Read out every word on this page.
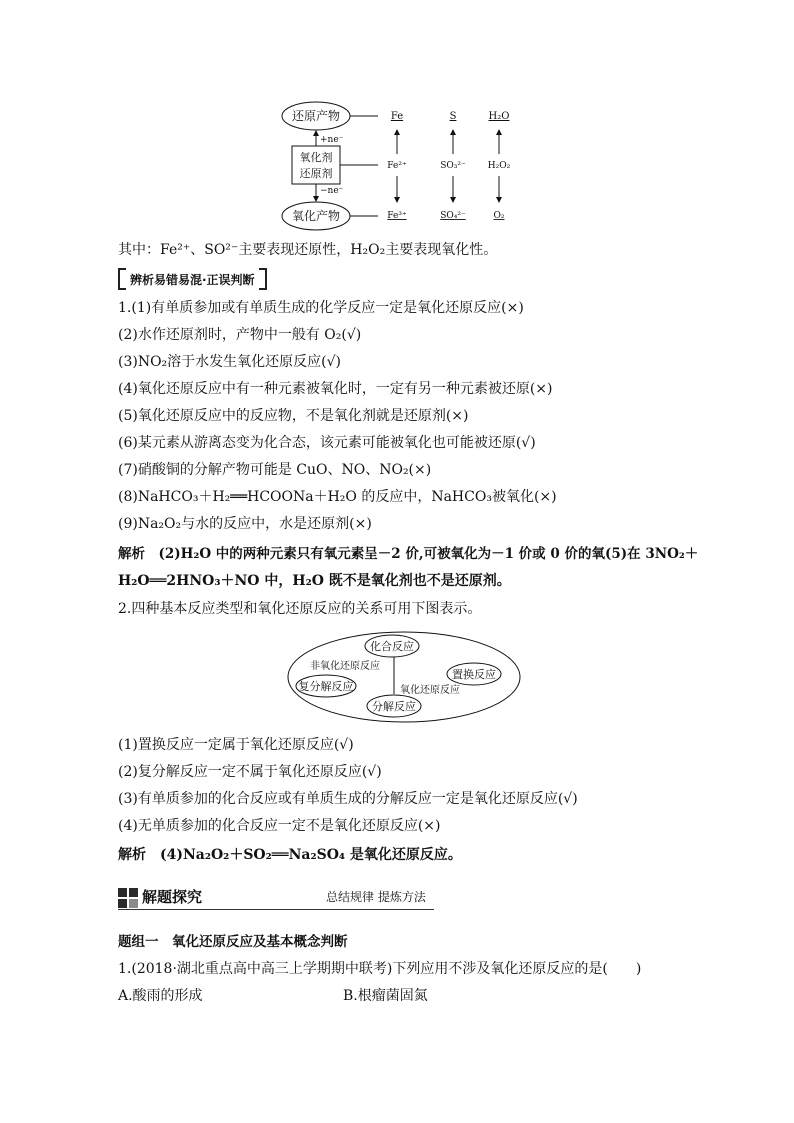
还原产物
氧化产物
氧化剂
还原剂
+ne⁻
−ne⁻
Fe
Fe²⁺
Fe³⁺
S
SO₃²⁻
SO₄²⁻
H₂O
H₂O₂
O₂
其中：Fe²⁺、SO²⁻主要表现还原性，H₂O₂主要表现氧化性。
辨析易错易混·正误判断
1.(1)有单质参加或有单质生成的化学反应一定是氧化还原反应(×)
(2)水作还原剂时，产物中一般有 O₂(√)
(3)NO₂溶于水发生氧化还原反应(√)
(4)氧化还原反应中有一种元素被氧化时，一定有另一种元素被还原(×)
(5)氧化还原反应中的反应物，不是氧化剂就是还原剂(×)
(6)某元素从游离态变为化合态，该元素可能被氧化也可能被还原(√)
(7)硝酸铜的分解产物可能是 CuO、NO、NO₂(×)
(8)NaHCO₃＋H₂══HCOONa＋H₂O 的反应中，NaHCO₃被氧化(×)
(9)Na₂O₂与水的反应中，水是还原剂(×)
解析　(2)H₂O 中的两种元素只有氧元素呈－2 价,可被氧化为－1 价或 0 价的氧(5)在 3NO₂＋
H₂O══2HNO₃＋NO 中，H₂O 既不是氧化剂也不是还原剂。
2.四种基本反应类型和氧化还原反应的关系可用下图表示。
化合反应
非氧化还原反应
置换反应
复分解反应	氧化还原反应
分解反应
(1)置换反应一定属于氧化还原反应(√)
(2)复分解反应一定不属于氧化还原反应(√)
(3)有单质参加的化合反应或有单质生成的分解反应一定是氧化还原反应(√)
(4)无单质参加的化合反应一定不是氧化还原反应(×)
解析　(4)Na₂O₂＋SO₂══Na₂SO₄ 是氧化还原反应。
解题探究	总结规律 提炼方法
题组一　氧化还原反应及基本概念判断
1.(2018·湖北重点高中高三上学期期中联考)下列应用不涉及氧化还原反应的是(　　)
A.酸雨的形成	B.根瘤菌固氮
